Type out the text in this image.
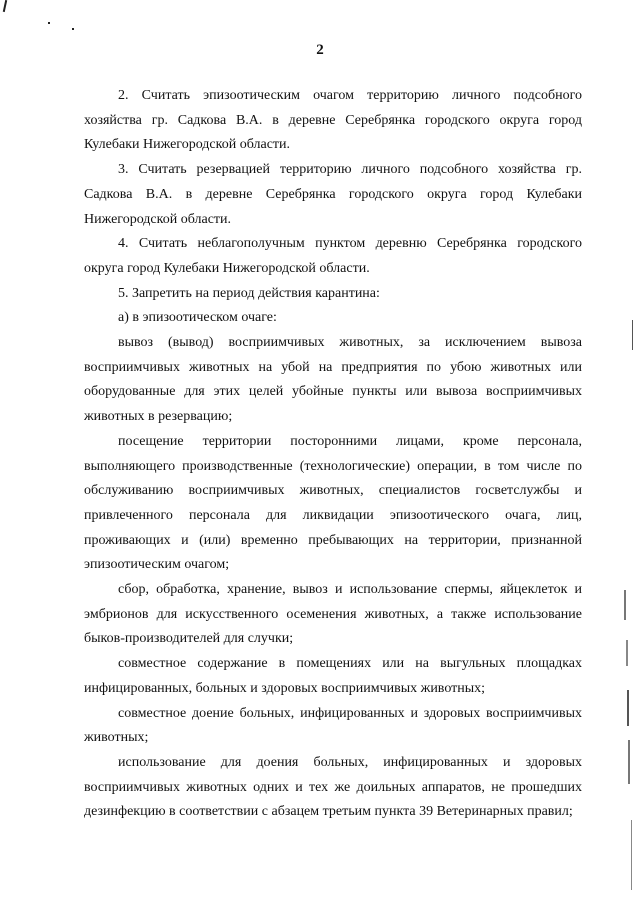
2

2. Считать эпизоотическим очагом территорию личного подсобного хозяйства гр. Садкова В.А. в деревне Серебрянка городского округа город Кулебаки Нижегородской области.

3. Считать резервацией территорию личного подсобного хозяйства гр. Садкова В.А. в деревне Серебрянка городского округа город Кулебаки Нижегородской области.

4. Считать неблагополучным пунктом деревню Серебрянка городского округа город Кулебаки Нижегородской области.

5. Запретить на период действия карантина:

а) в эпизоотическом очаге:

вывоз (вывод) восприимчивых животных, за исключением вывоза восприимчивых животных на убой на предприятия по убою животных или оборудованные для этих целей убойные пункты или вывоза восприимчивых животных в резервацию;

посещение территории посторонними лицами, кроме персонала, выполняющего производственные (технологические) операции, в том числе по обслуживанию восприимчивых животных, специалистов госветслужбы и привлеченного персонала для ликвидации эпизоотического очага, лиц, проживающих и (или) временно пребывающих на территории, признанной эпизоотическим очагом;

сбор, обработка, хранение, вывоз и использование спермы, яйцеклеток и эмбрионов для искусственного осеменения животных, а также использование быков-производителей для случки;

совместное содержание в помещениях или на выгульных площадках инфицированных, больных и здоровых восприимчивых животных;

совместное доение больных, инфицированных и здоровых восприимчивых животных;

использование для доения больных, инфицированных и здоровых восприимчивых животных одних и тех же доильных аппаратов, не прошедших дезинфекцию в соответствии с абзацем третьим пункта 39 Ветеринарных правил;
